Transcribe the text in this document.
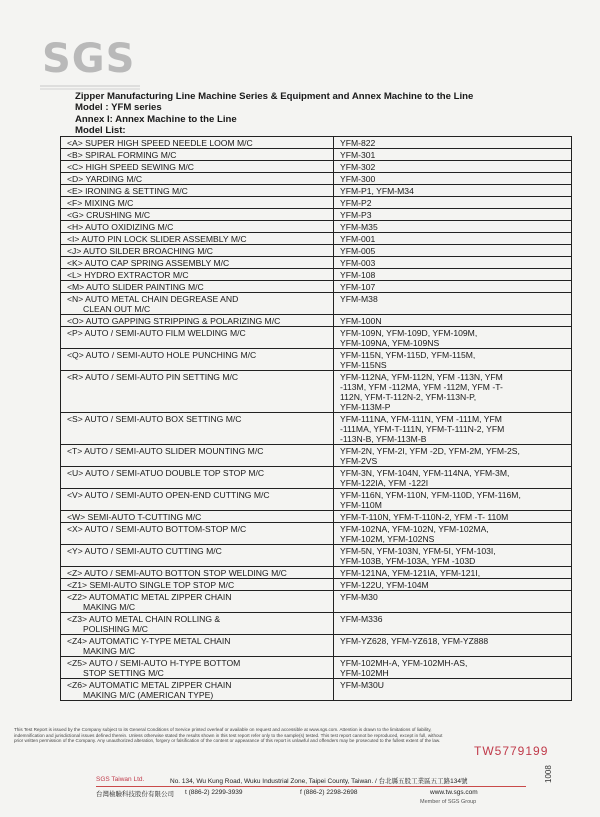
SGS
Zipper Manufacturing Line Machine Series & Equipment and Annex Machine to the Line
Model : YFM series
Annex I: Annex Machine to the Line
Model List:
<A> SUPER HIGH SPEED NEEDLE LOOM M/C	YFM-822

<B> SPIRAL FORMING M/C	YFM-301

<C> HIGH SPEED SEWING M/C	YFM-302

<D> YARDING M/C	YFM-300

<E> IRONING & SETTING M/C	YFM-P1, YFM-M34

<F> MIXING M/C	YFM-P2

<G> CRUSHING M/C	YFM-P3

<H> AUTO OXIDIZING M/C	YFM-M35

<I> AUTO PIN LOCK SLIDER ASSEMBLY M/C	YFM-001

<J> AUTO SILDER BROACHING M/C	YFM-005

<K> AUTO CAP SPRING ASSEMBLY M/C	YFM-003

<L> HYDRO EXTRACTOR M/C	YFM-108

<M> AUTO SLIDER PAINTING M/C	YFM-107

<N> AUTO METAL CHAIN DEGREASE AND
CLEAN OUT M/C	YFM-M38

<O> AUTO GAPPING STRIPPING & POLARIZING M/C	YFM-100N

<P> AUTO / SEMI-AUTO FILM WELDING M/C	YFM-109N, YFM-109D, YFM-109M,
YFM-109NA, YFM-109NS

<Q> AUTO / SEMI-AUTO HOLE PUNCHING M/C	YFM-115N, YFM-115D, YFM-115M,
YFM-115NS

<R> AUTO / SEMI-AUTO PIN SETTING M/C	YFM-112NA, YFM-112N, YFM -113N, YFM
-113M, YFM -112MA, YFM -112M, YFM -T-
112N, YFM-T-112N-2, YFM-113N-P,
YFM-113M-P

<S> AUTO / SEMI-AUTO BOX SETTING M/C	YFM-111NA, YFM-111N, YFM -111M, YFM
-111MA, YFM-T-111N, YFM-T-111N-2, YFM
-113N-B, YFM-113M-B

<T> AUTO / SEMI-AUTO SLIDER MOUNTING M/C	YFM-2N, YFM-2I, YFM -2D, YFM-2M, YFM-2S,
YFM-2VS

<U> AUTO / SEMI-ATUO DOUBLE TOP STOP M/C	YFM-3N, YFM-104N, YFM-114NA, YFM-3M,
YFM-122IA, YFM -122I

<V> AUTO / SEMI-AUTO OPEN-END CUTTING M/C	YFM-116N, YFM-110N, YFM-110D, YFM-116M,
YFM-110M

<W> SEMI-AUTO T-CUTTING M/C	YFM-T-110N, YFM-T-110N-2, YFM -T- 110M

<X> AUTO / SEMI-AUTO BOTTOM-STOP M/C	YFM-102NA, YFM-102N, YFM-102MA,
YFM-102M, YFM-102NS

<Y> AUTO / SEMI-AUTO CUTTING M/C	YFM-5N, YFM-103N, YFM-5I, YFM-103I,
YFM-103B, YFM-103A, YFM -103D

<Z> AUTO / SEMI-AUTO BOTTON STOP WELDING M/C	YFM-121NA, YFM-121IA, YFM-121I,

<Z1> SEMI-AUTO SINGLE TOP STOP M/C	YFM-122U, YFM-104M

<Z2> AUTOMATIC METAL ZIPPER CHAIN
MAKING M/C	YFM-M30

<Z3> AUTO METAL CHAIN ROLLING &
POLISHING M/C	YFM-M336

<Z4> AUTOMATIC Y-TYPE METAL CHAIN
MAKING M/C	YFM-YZ628, YFM-YZ618, YFM-YZ888

<Z5> AUTO / SEMI-AUTO H-TYPE BOTTOM
STOP SETTING M/C	YFM-102MH-A, YFM-102MH-AS,
YFM-102MH

<Z6> AUTOMATIC METAL ZIPPER CHAIN
MAKING M/C (AMERICAN TYPE)	YFM-M30U
This Test Report is issued by the Company subject to its General Conditions of Service printed overleaf or available on request and accessible at www.sgs.com. Attention is drawn to the limitations of liability, indemnification and jurisdictional issues defined therein. Unless otherwise stated the results shown in this test report refer only to the sample(s) tested. This test report cannot be reproduced, except in full, without prior written permission of the Company. Any unauthorized alteration, forgery or falsification of the content or appearance of this report is unlawful and offenders may be prosecuted to the fullest extent of the law.
TW5779199
1008
SGS Taiwan Ltd.	No. 134, Wu Kung Road, Wuku Industrial Zone, Taipei County, Taiwan. / 台北縣五股工業區五工路134號
台灣檢驗科技股份有限公司 t (886-2) 2299-3939	f (886-2) 2298-2698	www.tw.sgs.com
Member of SGS Group
